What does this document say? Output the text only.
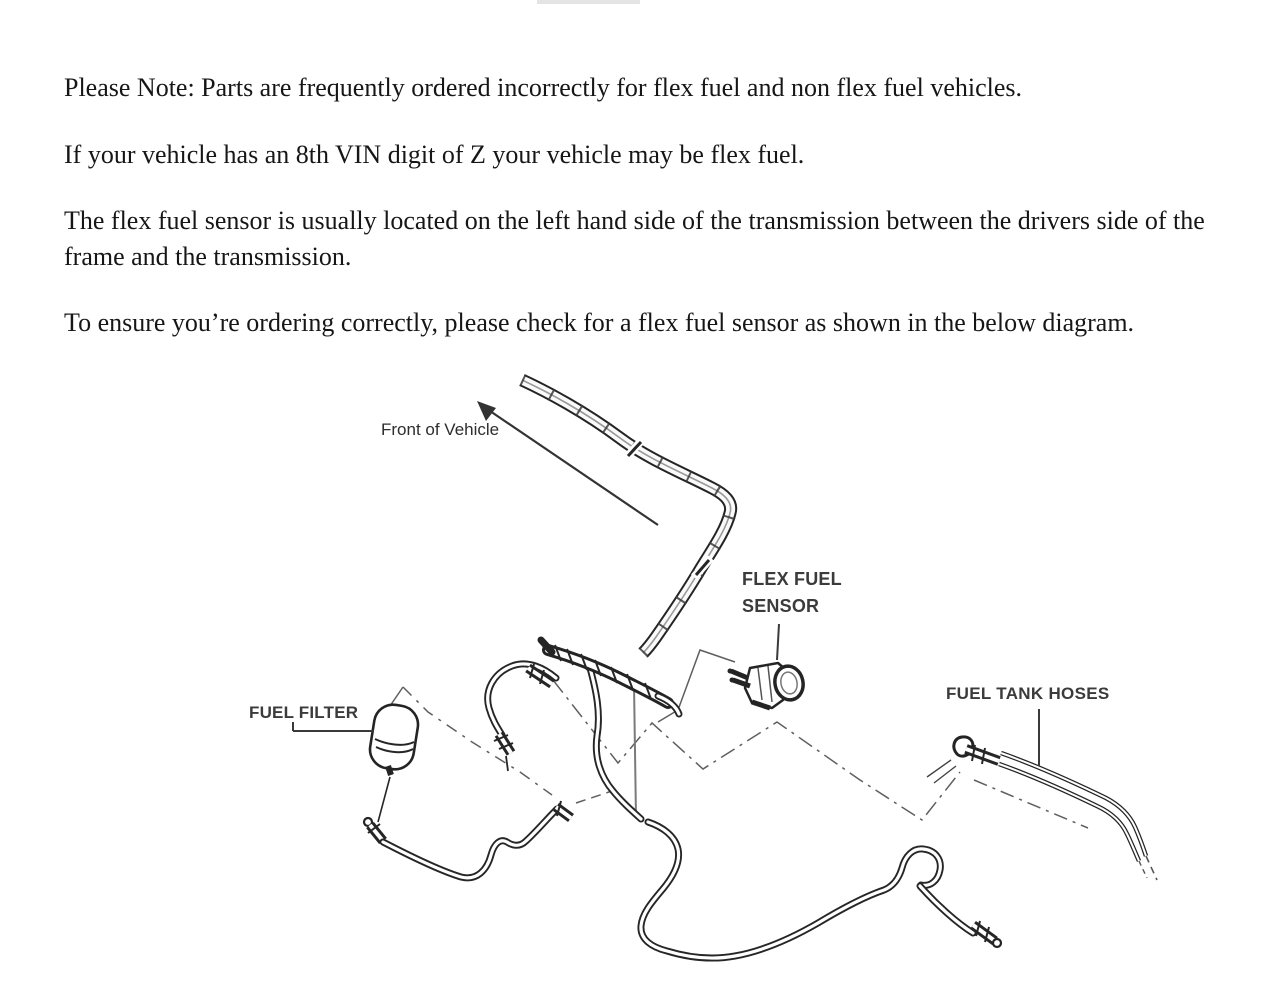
Please Note: Parts are frequently ordered incorrectly for flex fuel and non flex fuel vehicles.
If your vehicle has an 8th VIN digit of Z your vehicle may be flex fuel.
The flex fuel sensor is usually located on the left hand side of the transmission between the drivers side of the frame and the transmission.
To ensure you’re ordering correctly, please check for a flex fuel sensor as shown in the below diagram.
Front of Vehicle
FLEX FUEL
SENSOR
FUEL FILTER
FUEL TANK HOSES
